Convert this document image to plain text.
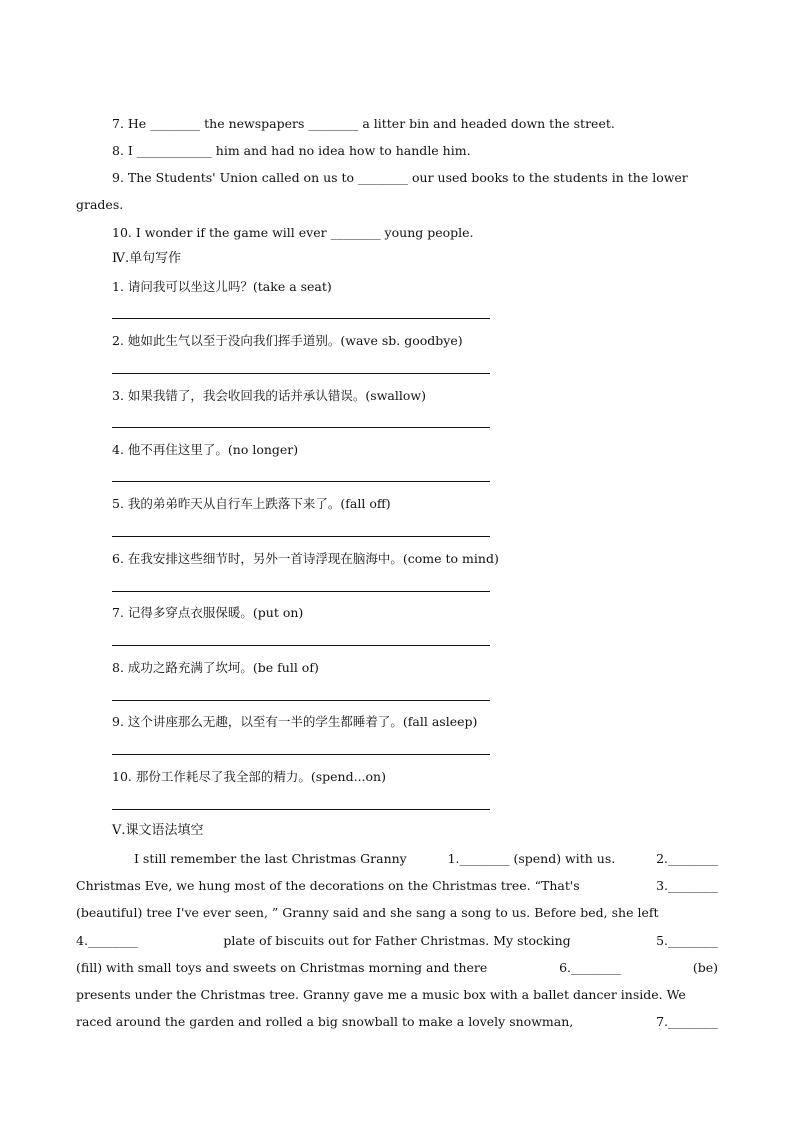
7. He ________ the newspapers ________ a litter bin and headed down the street.
8. I ____________ him and had no idea how to handle him.
9. The Students' Union called on us to ________ our used books to the students in the lower
grades.
10. I wonder if the game will ever ________ young people.
Ⅳ.单句写作
1. 请问我可以坐这儿吗？(take a seat)
2. 她如此生气以至于没向我们挥手道别。(wave sb. goodbye)
3. 如果我错了，我会收回我的话并承认错误。(swallow)
4. 他不再住这里了。(no longer)
5. 我的弟弟昨天从自行车上跌落下来了。(fall off)
6. 在我安排这些细节时，另外一首诗浮现在脑海中。(come to mind)
7. 记得多穿点衣服保暖。(put on)
8. 成功之路充满了坎坷。(be full of)
9. 这个讲座那么无趣，以至有一半的学生都睡着了。(fall asleep)
10. 那份工作耗尽了我全部的精力。(spend...on)
Ⅴ.课文语法填空
I still remember the last Christmas Granny	1.________ (spend) with us.	2.________
Christmas Eve, we hung most of the decorations on the Christmas tree. “That's	3.________
(beautiful) tree I've ever seen, ” Granny said and she sang a song to us. Before bed, she left
4.________	plate of biscuits out for Father Christmas. My stocking	5.________
(fill) with small toys and sweets on Christmas morning and there	6.________	(be)
presents under the Christmas tree. Granny gave me a music box with a ballet dancer inside. We
raced around the garden and rolled a big snowball to make a lovely snowman,	7.________
